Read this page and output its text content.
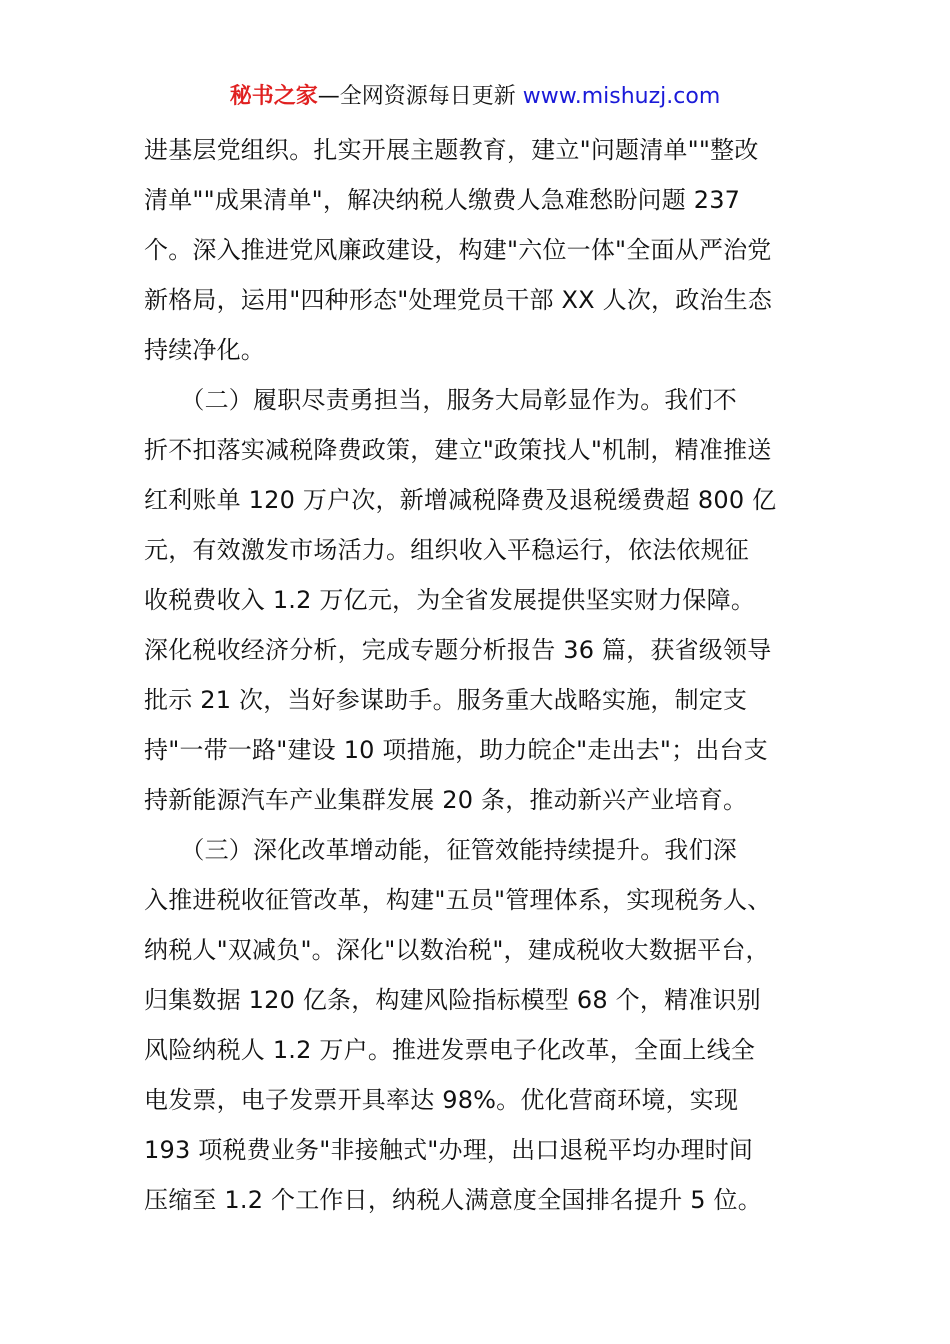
秘书之家—全网资源每日更新 www.mishuzj.com
进基层党组织。扎实开展主题教育，建立"问题清单""整改
清单""成果清单"，解决纳税人缴费人急难愁盼问题 237
个。深入推进党风廉政建设，构建"六位一体"全面从严治党
新格局，运用"四种形态"处理党员干部 XX 人次，政治生态
持续净化。
　　（二）履职尽责勇担当，服务大局彰显作为。我们不
折不扣落实减税降费政策，建立"政策找人"机制，精准推送
红利账单 120 万户次，新增减税降费及退税缓费超 800 亿
元，有效激发市场活力。组织收入平稳运行，依法依规征
收税费收入 1.2 万亿元，为全省发展提供坚实财力保障。
深化税收经济分析，完成专题分析报告 36 篇，获省级领导
批示 21 次，当好参谋助手。服务重大战略实施，制定支
持"一带一路"建设 10 项措施，助力皖企"走出去"；出台支
持新能源汽车产业集群发展 20 条，推动新兴产业培育。
　　（三）深化改革增动能，征管效能持续提升。我们深
入推进税收征管改革，构建"五员"管理体系，实现税务人、
纳税人"双减负"。深化"以数治税"，建成税收大数据平台，
归集数据 120 亿条，构建风险指标模型 68 个，精准识别
风险纳税人 1.2 万户。推进发票电子化改革，全面上线全
电发票，电子发票开具率达 98%。优化营商环境，实现
193 项税费业务"非接触式"办理，出口退税平均办理时间
压缩至 1.2 个工作日，纳税人满意度全国排名提升 5 位。
